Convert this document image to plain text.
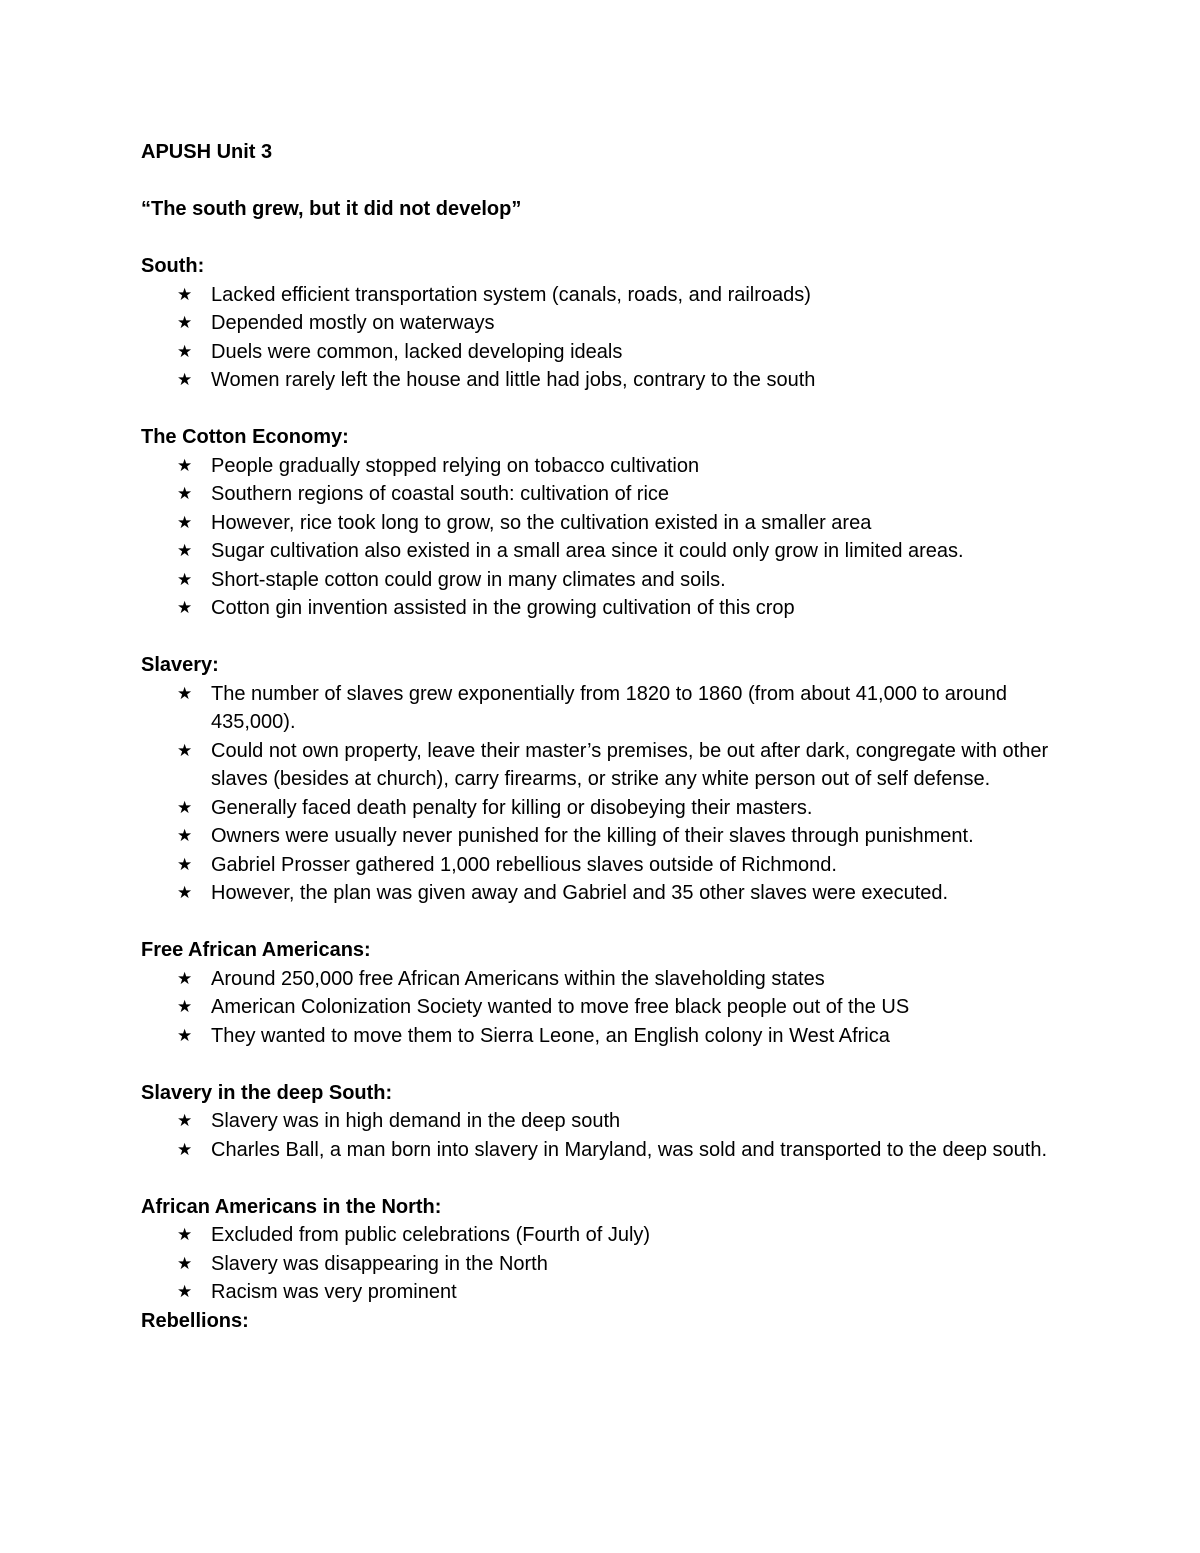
APUSH Unit 3

“The south grew, but it did not develop”

South:
★ Lacked efficient transportation system (canals, roads, and railroads)
★ Depended mostly on waterways
★ Duels were common, lacked developing ideals
★ Women rarely left the house and little had jobs, contrary to the south
The Cotton Economy:
★ People gradually stopped relying on tobacco cultivation
★ Southern regions of coastal south: cultivation of rice
★ However, rice took long to grow, so the cultivation existed in a smaller area
★ Sugar cultivation also existed in a small area since it could only grow in limited areas.
★ Short-staple cotton could grow in many climates and soils.
★ Cotton gin invention assisted in the growing cultivation of this crop
Slavery:
★ The number of slaves grew exponentially from 1820 to 1860 (from about 41,000 to around 435,000).
★ Could not own property, leave their master’s premises, be out after dark, congregate with other slaves (besides at church), carry firearms, or strike any white person out of self defense.
★ Generally faced death penalty for killing or disobeying their masters.
★ Owners were usually never punished for the killing of their slaves through punishment.
★ Gabriel Prosser gathered 1,000 rebellious slaves outside of Richmond.
★ However, the plan was given away and Gabriel and 35 other slaves were executed.
Free African Americans:
★ Around 250,000 free African Americans within the slaveholding states
★ American Colonization Society wanted to move free black people out of the US
★ They wanted to move them to Sierra Leone, an English colony in West Africa
Slavery in the deep South:
★ Slavery was in high demand in the deep south
★ Charles Ball, a man born into slavery in Maryland, was sold and transported to the deep south.
African Americans in the North:
★ Excluded from public celebrations (Fourth of July)
★ Slavery was disappearing in the North
★ Racism was very prominent
Rebellions:
